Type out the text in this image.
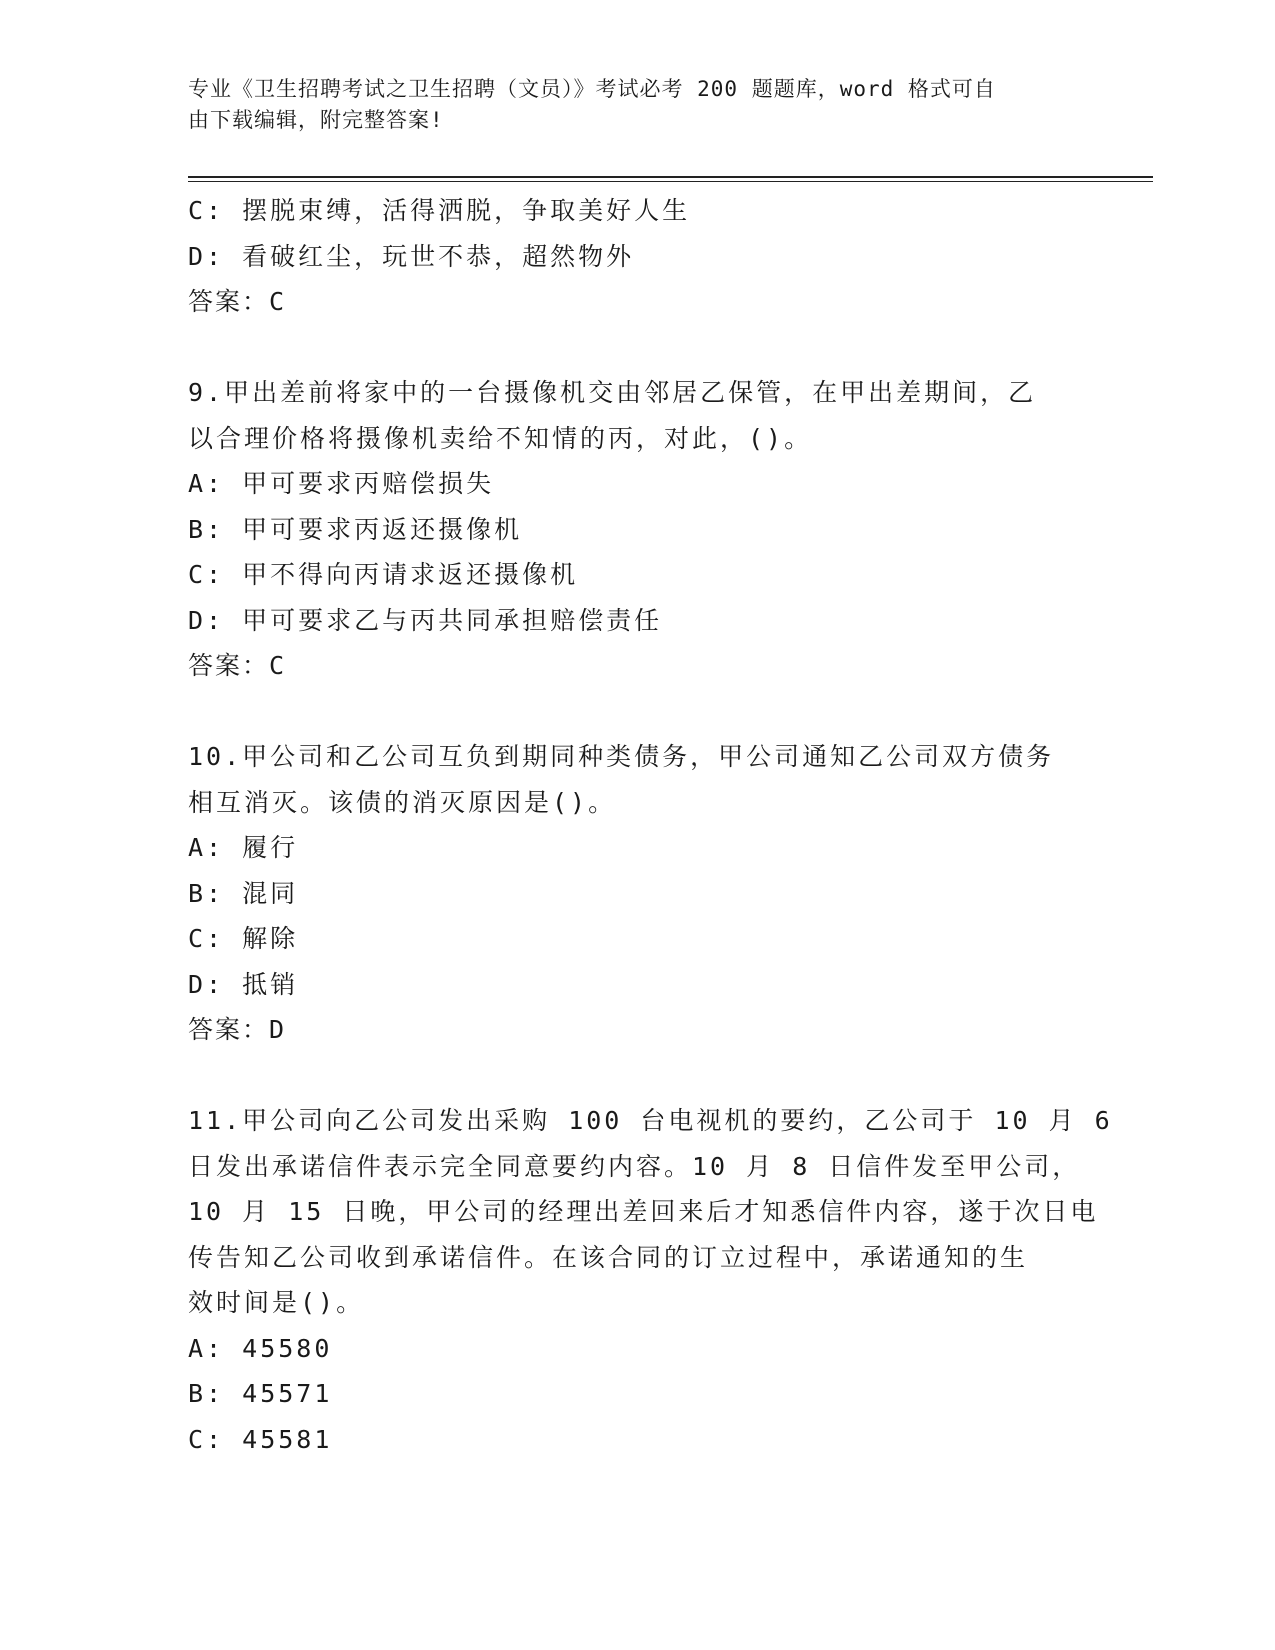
专业《卫生招聘考试之卫生招聘（文员）》考试必考 200 题题库，word 格式可自
由下载编辑，附完整答案!
C: 摆脱束缚，活得洒脱，争取美好人生
D: 看破红尘，玩世不恭，超然物外
答案：C
9.甲出差前将家中的一台摄像机交由邻居乙保管，在甲出差期间，乙
以合理价格将摄像机卖给不知情的丙，对此，()。
A: 甲可要求丙赔偿损失
B: 甲可要求丙返还摄像机
C: 甲不得向丙请求返还摄像机
D: 甲可要求乙与丙共同承担赔偿责任
答案：C
10.甲公司和乙公司互负到期同种类债务，甲公司通知乙公司双方债务
相互消灭。该债的消灭原因是()。
A: 履行
B: 混同
C: 解除
D: 抵销
答案：D
11.甲公司向乙公司发出采购 100 台电视机的要约，乙公司于 10 月 6
日发出承诺信件表示完全同意要约内容。10 月 8 日信件发至甲公司，
10 月 15 日晚，甲公司的经理出差回来后才知悉信件内容，遂于次日电
传告知乙公司收到承诺信件。在该合同的订立过程中，承诺通知的生
效时间是()。
A: 45580
B: 45571
C: 45581
